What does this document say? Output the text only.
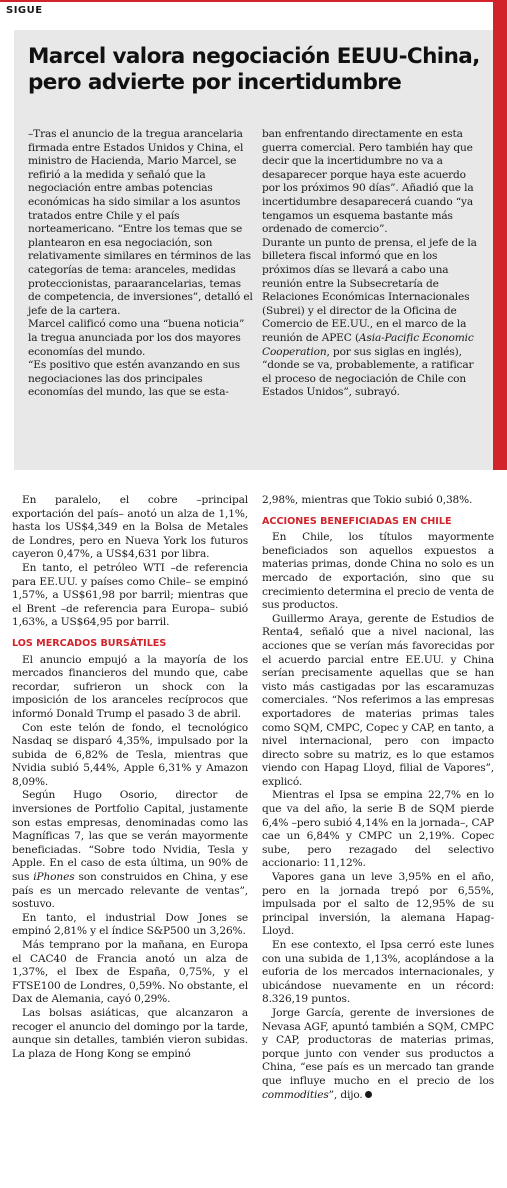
SIGUE
Marcel valora negociación EEUU-China, pero advierte por incertidumbre

–Tras el anuncio de la tregua arancelaria firmada entre Estados Unidos y China, el ministro de Hacienda, Mario Marcel, se refirió a la medida y señaló que la negociación entre ambas potencias económicas ha sido similar a los asuntos tratados entre Chile y el país norteamericano. “Entre los temas que se plantearon en esa negociación, son relativamente similares en términos de las categorías de tema: aranceles, medidas proteccionistas, paraarancelarias, temas de competencia, de inversiones”, detalló el jefe de la cartera.

Marcel calificó como una “buena noticia” la tregua anunciada por los dos mayores economías del mundo.

“Es positivo que estén avanzando en sus negociaciones las dos principales economías del mundo, las que se esta-

ban enfrentando directamente en esta guerra comercial. Pero también hay que decir que la incertidumbre no va a desaparecer porque haya este acuerdo por los próximos 90 días”. Añadió que la incertidumbre desaparecerá cuando “ya tengamos un esquema bastante más ordenado de comercio”.

Durante un punto de prensa, el jefe de la billetera fiscal informó que en los próximos días se llevará a cabo una reunión entre la Subsecretaría de Relaciones Económicas Internacionales (Subrei) y el director de la Oficina de Comercio de EE.UU., en el marco de la reunión de APEC (Asia-Pacific Economic Cooperation, por sus siglas en inglés), “donde se va, probablemente, a ratificar el proceso de negociación de Chile con Estados Unidos”, subrayó.

En paralelo, el cobre –principal exportación del país– anotó un alza de 1,1%, hasta los US$4,349 en la Bolsa de Metales de Londres, pero en Nueva York los futuros cayeron 0,47%, a US$4,631 por libra.

En tanto, el petróleo WTI –de referencia para EE.UU. y países como Chile– se empinó 1,57%, a US$61,98 por barril; mientras que el Brent –de referencia para Europa– subió 1,63%, a US$64,95 por barril.

LOS MERCADOS BURSÁTILES

El anuncio empujó a la mayoría de los mercados financieros del mundo que, cabe recordar, sufrieron un shock con la imposición de los aranceles recíprocos que informó Donald Trump el pasado 3 de abril.

Con este telón de fondo, el tecnológico Nasdaq se disparó 4,35%, impulsado por la subida de 6,82% de Tesla, mientras que Nvidia subió 5,44%, Apple 6,31% y Amazon 8,09%.

Según Hugo Osorio, director de inversiones de Portfolio Capital, justamente son estas empresas, denominadas como las Magníficas 7, las que se verán mayormente beneficiadas. “Sobre todo Nvidia, Tesla y Apple. En el caso de esta última, un 90% de sus iPhones son construidos en China, y ese país es un mercado relevante de ventas”, sostuvo.

En tanto, el industrial Dow Jones se empinó 2,81% y el índice S&P500 un 3,26%.

Más temprano por la mañana, en Europa el CAC40 de Francia anotó un alza de 1,37%, el Ibex de España, 0,75%, y el FTSE100 de Londres, 0,59%. No obstante, el Dax de Alemania, cayó 0,29%.

Las bolsas asiáticas, que alcanzaron a recoger el anuncio del domingo por la tarde, aunque sin detalles, también vieron subidas. La plaza de Hong Kong se empinó

2,98%, mientras que Tokio subió 0,38%.

ACCIONES BENEFICIADAS EN CHILE

En Chile, los títulos mayormente beneficiados son aquellos expuestos a materias primas, donde China no solo es un mercado de exportación, sino que su crecimiento determina el precio de venta de sus productos.

Guillermo Araya, gerente de Estudios de Renta4, señaló que a nivel nacional, las acciones que se verían más favorecidas por el acuerdo parcial entre EE.UU. y China serían precisamente aquellas que se han visto más castigadas por las escaramuzas comerciales. “Nos referimos a las empresas exportadores de materias primas tales como SQM, CMPC, Copec y CAP, en tanto, a nivel internacional, pero con impacto directo sobre su matriz, es lo que estamos viendo con Hapag Lloyd, filial de Vapores”, explicó.

Mientras el Ipsa se empina 22,7% en lo que va del año, la serie B de SQM pierde 6,4% –pero subió 4,14% en la jornada–, CAP cae un 6,84% y CMPC un 2,19%. Copec sube, pero rezagado del selectivo accionario: 11,12%.

Vapores gana un leve 3,95% en el año, pero en la jornada trepó por 6,55%, impulsada por el salto de 12,95% de su principal inversión, la alemana Hapag-Lloyd.

En ese contexto, el Ipsa cerró este lunes con una subida de 1,13%, acoplándose a la euforia de los mercados internacionales, y ubicándose nuevamente en un récord: 8.326,19 puntos.

Jorge García, gerente de inversiones de Nevasa AGF, apuntó también a SQM, CMPC y CAP, productoras de materias primas, porque junto con vender sus productos a China, “ese país es un mercado tan grande que influye mucho en el precio de los commodities”, dijo.
